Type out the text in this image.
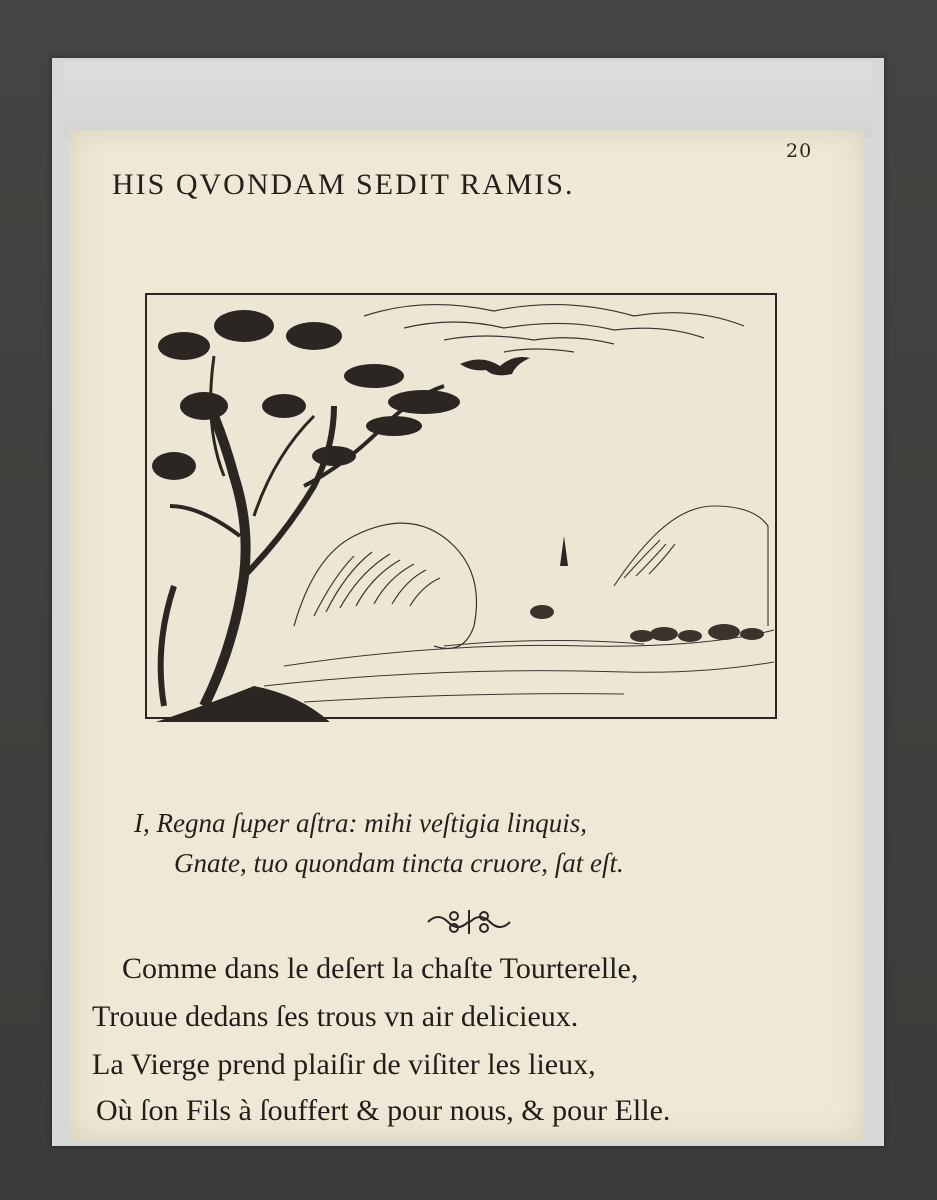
20
HIS QVONDAM SEDIT RAMIS.
I, Regna ſuper aſtra: mihi veſtigia linquis,
Gnate, tuo quondam tincta cruore, ſat eſt.
Comme dans le deſert la chaſte Tourterelle,
Trouue dedans ſes trous vn air delicieux.
La Vierge prend plaiſir de viſiter les lieux,
Où ſon Fils à ſouffert & pour nous, & pour Elle.
